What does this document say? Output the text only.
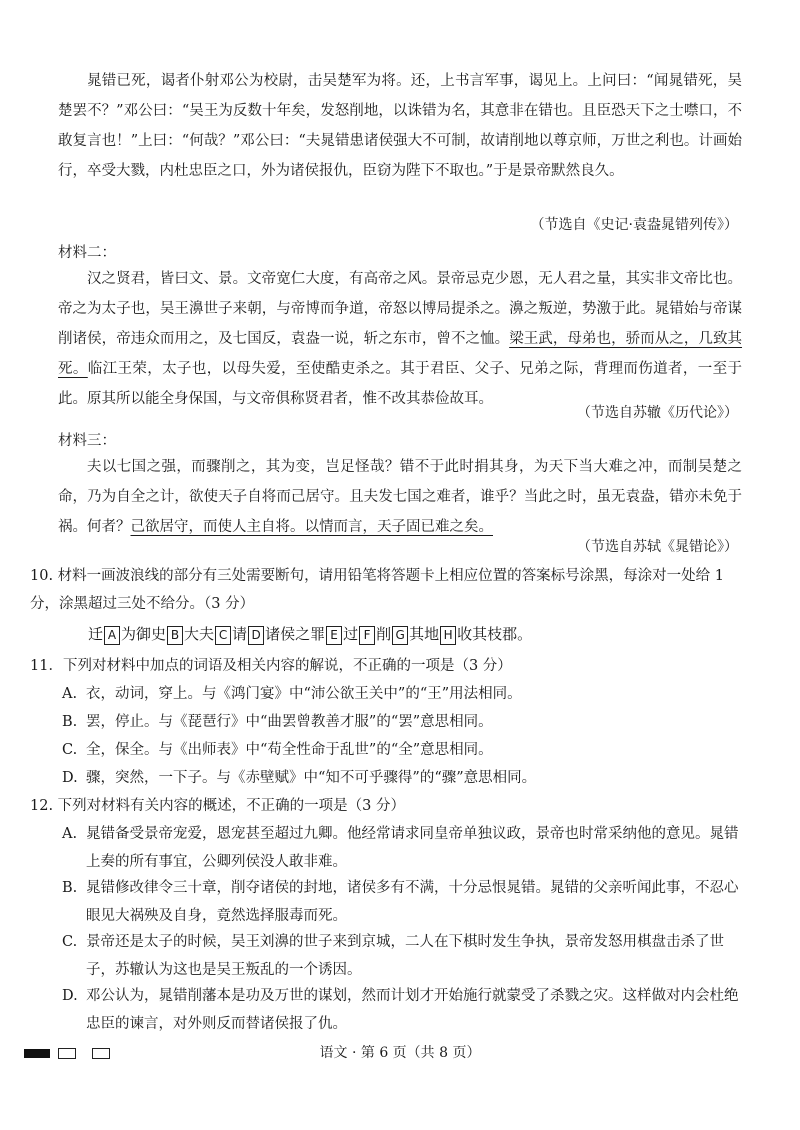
晁错已死，谒者仆射邓公为校尉，击吴楚军为将。还，上书言军事，谒见上。上问曰：“闻晁错死，吴楚罢不？”邓公曰：“吴王为反数十年矣，发怒削地，以诛错为名，其意非在错也。且臣恐天下之士噤口，不敢复言也！”上曰：“何哉？”邓公曰：“夫晁错患诸侯强大不可制，故请削地以尊京师，万世之利也。计画始行，卒受大戮，内杜忠臣之口，外为诸侯报仇，臣窃为陛下不取也。”于是景帝默然良久。
（节选自《史记·袁盎晁错列传》）
材料二：
汉之贤君，皆曰文、景。文帝宽仁大度，有高帝之风。景帝忌克少恩，无人君之量，其实非文帝比也。帝之为太子也，吴王濞世子来朝，与帝博而争道，帝怒以博局提杀之。濞之叛逆，势激于此。晁错始与帝谋削诸侯，帝违众而用之，及七国反，袁盎一说，斩之东市，曾不之恤。梁王武，母弟也，骄而从之，几致其死。临江王荣，太子也，以母失爱，至使酷吏杀之。其于君臣、父子、兄弟之际，背理而伤道者，一至于此。原其所以能全身保国，与文帝俱称贤君者，惟不改其恭俭故耳。
（节选自苏辙《历代论》）
材料三：
夫以七国之强，而骤削之，其为变，岂足怪哉？错不于此时捐其身，为天下当大难之冲，而制吴楚之命，乃为自全之计，欲使天子自将而己居守。且夫发七国之难者，谁乎？当此之时，虽无袁盎，错亦未免于祸。何者？己欲居守，而使人主自将。以情而言，天子固已难之矣。
（节选自苏轼《晁错论》）
10. 材料一画波浪线的部分有三处需要断句，请用铅笔将答题卡上相应位置的答案标号涂黑，每涂对一处给 1 分，涂黑超过三处不给分。（3 分）
迁 A 为御史 B 大夫 C 请 D 诸侯之罪 E 过 F 削 G 其地 H 收其枝郡。
11．下列对材料中加点的词语及相关内容的解说，不正确的一项是（3 分）
A. 衣，动词，穿上。与《鸿门宴》中“沛公欲王关中”的“王”用法相同。
B. 罢，停止。与《琵琶行》中“曲罢曾教善才服”的“罢”意思相同。
C. 全，保全。与《出师表》中“苟全性命于乱世”的“全”意思相同。
D. 骤，突然，一下子。与《赤壁赋》中“知不可乎骤得”的“骤”意思相同。
12. 下列对材料有关内容的概述，不正确的一项是（3 分）
A. 晁错备受景帝宠爱，恩宠甚至超过九卿。他经常请求同皇帝单独议政，景帝也时常采纳他的意见。晁错上奏的所有事宜，公卿列侯没人敢非难。
B. 晁错修改律令三十章，削夺诸侯的封地，诸侯多有不满，十分忌恨晁错。晁错的父亲听闻此事，不忍心眼见大祸殃及自身，竟然选择服毒而死。
C. 景帝还是太子的时候，吴王刘濞的世子来到京城，二人在下棋时发生争执，景帝发怒用棋盘击杀了世子，苏辙认为这也是吴王叛乱的一个诱因。
D. 邓公认为，晁错削藩本是功及万世的谋划，然而计划才开始施行就蒙受了杀戮之灾。这样做对内会杜绝忠臣的谏言，对外则反而替诸侯报了仇。
语文 · 第 6 页（共 8 页）
